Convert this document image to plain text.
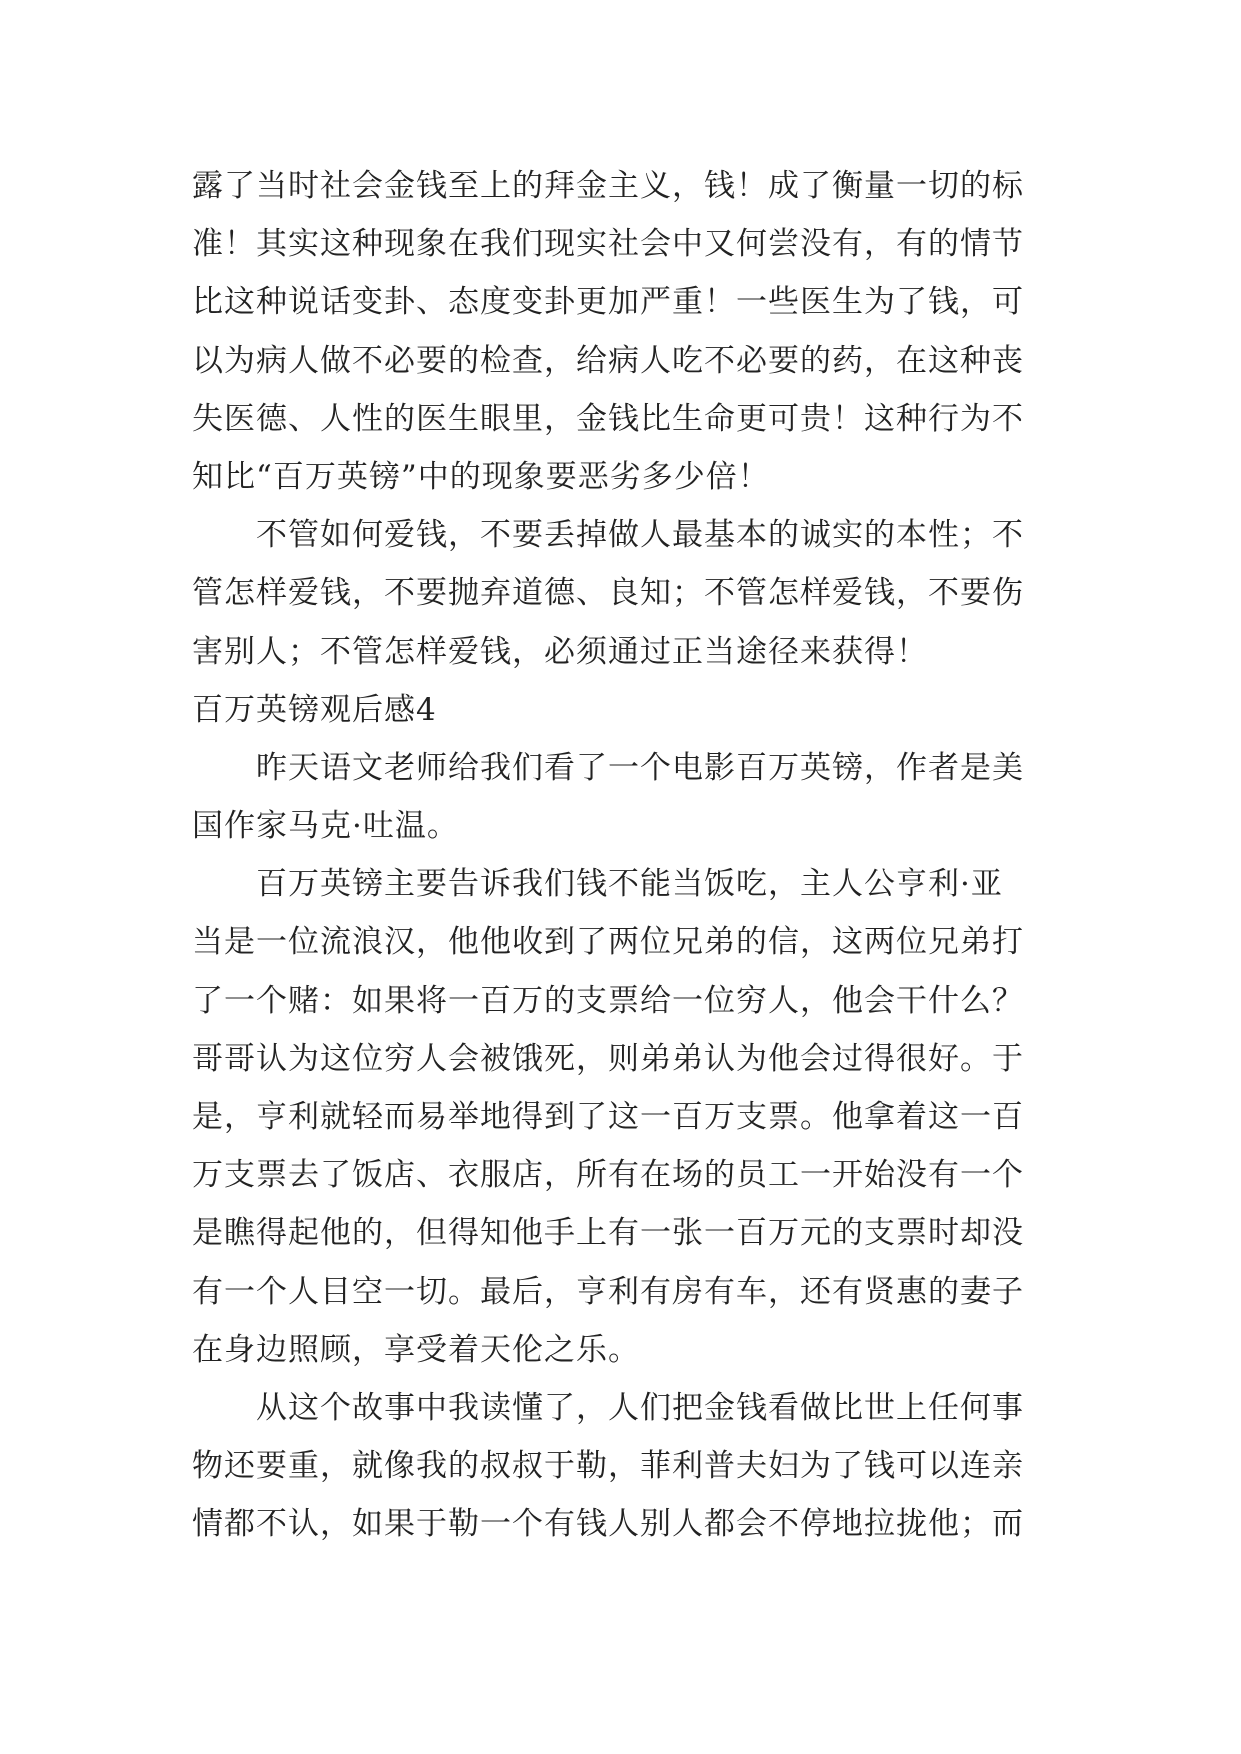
露了当时社会金钱至上的拜金主义，钱！成了衡量一切的标
准！其实这种现象在我们现实社会中又何尝没有，有的情节
比这种说话变卦、态度变卦更加严重！一些医生为了钱，可
以为病人做不必要的检查，给病人吃不必要的药，在这种丧
失医德、人性的医生眼里，金钱比生命更可贵！这种行为不
知比“百万英镑”中的现象要恶劣多少倍！
　　不管如何爱钱，不要丢掉做人最基本的诚实的本性；不
管怎样爱钱，不要抛弃道德、良知；不管怎样爱钱，不要伤
害别人；不管怎样爱钱，必须通过正当途径来获得！
百万英镑观后感4
　　昨天语文老师给我们看了一个电影百万英镑，作者是美
国作家马克·吐温。
　　百万英镑主要告诉我们钱不能当饭吃，主人公亨利·亚
当是一位流浪汉，他他收到了两位兄弟的信，这两位兄弟打
了一个赌：如果将一百万的支票给一位穷人，他会干什么？
哥哥认为这位穷人会被饿死，则弟弟认为他会过得很好。于
是，亨利就轻而易举地得到了这一百万支票。他拿着这一百
万支票去了饭店、衣服店，所有在场的员工一开始没有一个
是瞧得起他的，但得知他手上有一张一百万元的支票时却没
有一个人目空一切。最后，亨利有房有车，还有贤惠的妻子
在身边照顾，享受着天伦之乐。
　　从这个故事中我读懂了，人们把金钱看做比世上任何事
物还要重，就像我的叔叔于勒，菲利普夫妇为了钱可以连亲
情都不认，如果于勒一个有钱人别人都会不停地拉拢他；而
